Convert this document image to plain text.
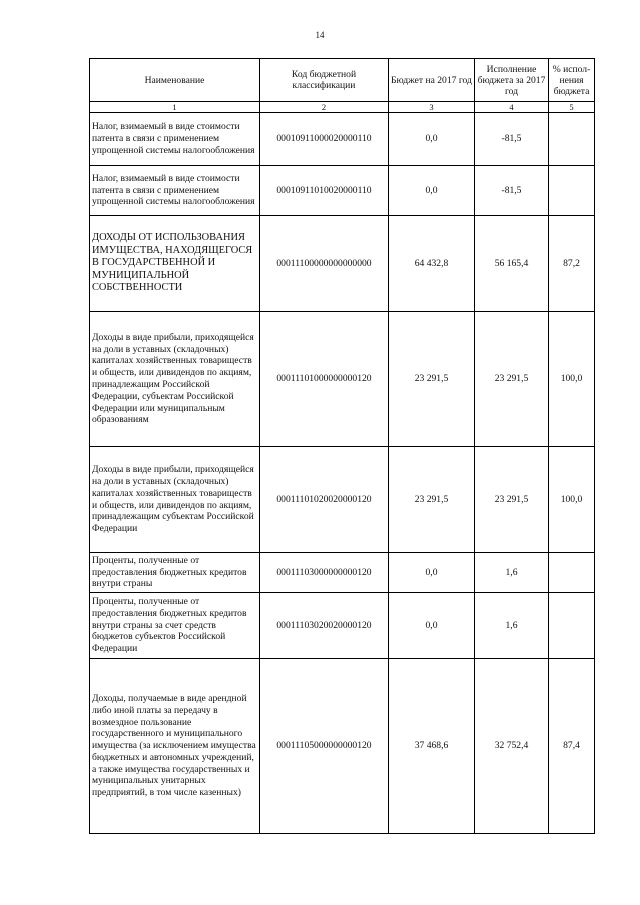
14
Наименование	Код бюджетной классификации	Бюджет на 2017 год	Исполнение бюджета за 2017 год	% испол-нения бюджета
1	2	3	4	5
Налог, взимаемый в виде стоимости патента в связи с применением упрощенной системы налогообложения	00010911000020000110	0,0	-81,5	
Налог, взимаемый в виде стоимости патента в связи с применением упрощенной системы налогообложения	00010911010020000110	0,0	-81,5	
ДОХОДЫ ОТ ИСПОЛЬЗОВАНИЯ ИМУЩЕСТВА, НАХОДЯЩЕГОСЯ В ГОСУДАРСТВЕННОЙ И МУНИЦИПАЛЬНОЙ СОБСТВЕННОСТИ	00011100000000000000	64 432,8	56 165,4	87,2
Доходы в виде прибыли, приходящейся на доли в уставных (складочных) капиталах хозяйственных товариществ и обществ, или дивидендов по акциям, принадлежащим Российской Федерации, субъектам Российской Федерации или муниципальным образованиям	00011101000000000120	23 291,5	23 291,5	100,0
Доходы в виде прибыли, приходящейся на доли в уставных (складочных) капиталах хозяйственных товариществ и обществ, или дивидендов по акциям, принадлежащим субъектам Российской Федерации	00011101020020000120	23 291,5	23 291,5	100,0
Проценты, полученные от предоставления бюджетных кредитов внутри страны	00011103000000000120	0,0	1,6	
Проценты, полученные от предоставления бюджетных кредитов внутри страны за счет средств бюджетов субъектов Российской Федерации	00011103020020000120	0,0	1,6	
Доходы, получаемые в виде арендной либо иной платы за передачу в возмездное пользование государственного и муниципального имущества (за исключением имущества бюджетных и автономных учреждений, а также имущества государственных и муниципальных унитарных предприятий, в том числе казенных)	00011105000000000120	37 468,6	32 752,4	87,4
